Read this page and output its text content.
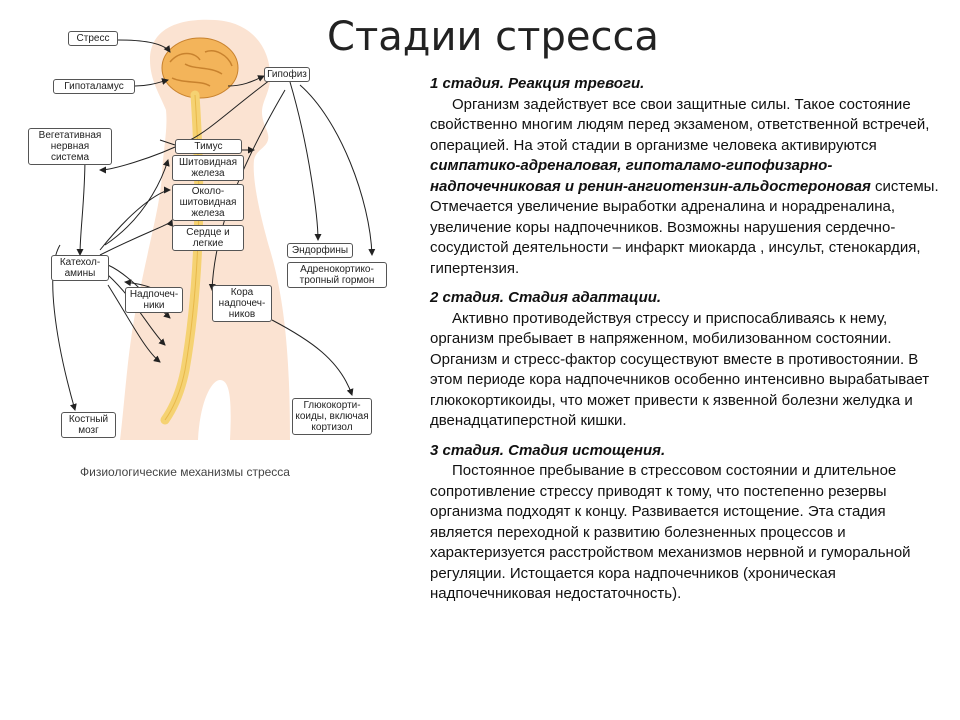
Стадии стресса
Стресс
Гипоталамус
Гипофиз
Вегетативная нервная система
Тимус
Шитовидная железа
Около-шитовидная железа
Сердце и легкие
Эндорфины
Адренокортико-тропный гормон
Катехол-амины
Надпочеч-ники
Кора надпочеч-ников
Костный мозг
Глюкокорти-коиды, включая кортизол
Физиологические механизмы стресса
1 стадия. Реакция тревоги.

Организм задействует все свои защитные силы. Такое состояние свойственно многим людям перед экзаменом, ответственной встречей, операцией. На этой стадии в организме человека активируются симпатико-адреналовая, гипоталамо-гипофизарно-надпочечниковая и ренин-ангиотензин-альдостероновая системы. Отмечается увеличение выработки адреналина и норадреналина, увеличение коры надпочечников. Возможны нарушения сердечно-сосудистой деятельности – инфаркт миокарда , инсульт, стенокардия, гипертензия.

2 стадия. Стадия адаптации.

Активно противодействуя стрессу и приспосабливаясь к нему, организм пребывает в напряженном, мобилизованном состоянии. Организм и стресс-фактор сосуществуют вместе в противостоянии. В этом периоде кора надпочечников особенно интенсивно вырабатывает глюкокортикоиды, что может привести к язвенной болезни желудка и двенадцатиперстной кишки.

3 стадия. Стадия истощения.

Постоянное пребывание в стрессовом состоянии и длительное сопротивление стрессу приводят к тому, что постепенно резервы организма подходят к концу. Развивается истощение. Эта стадия является переходной к развитию болезненных процессов и характеризуется расстройством механизмов нервной и гуморальной регуляции. Истощается кора надпочечников (хроническая надпочечниковая недостаточность).
